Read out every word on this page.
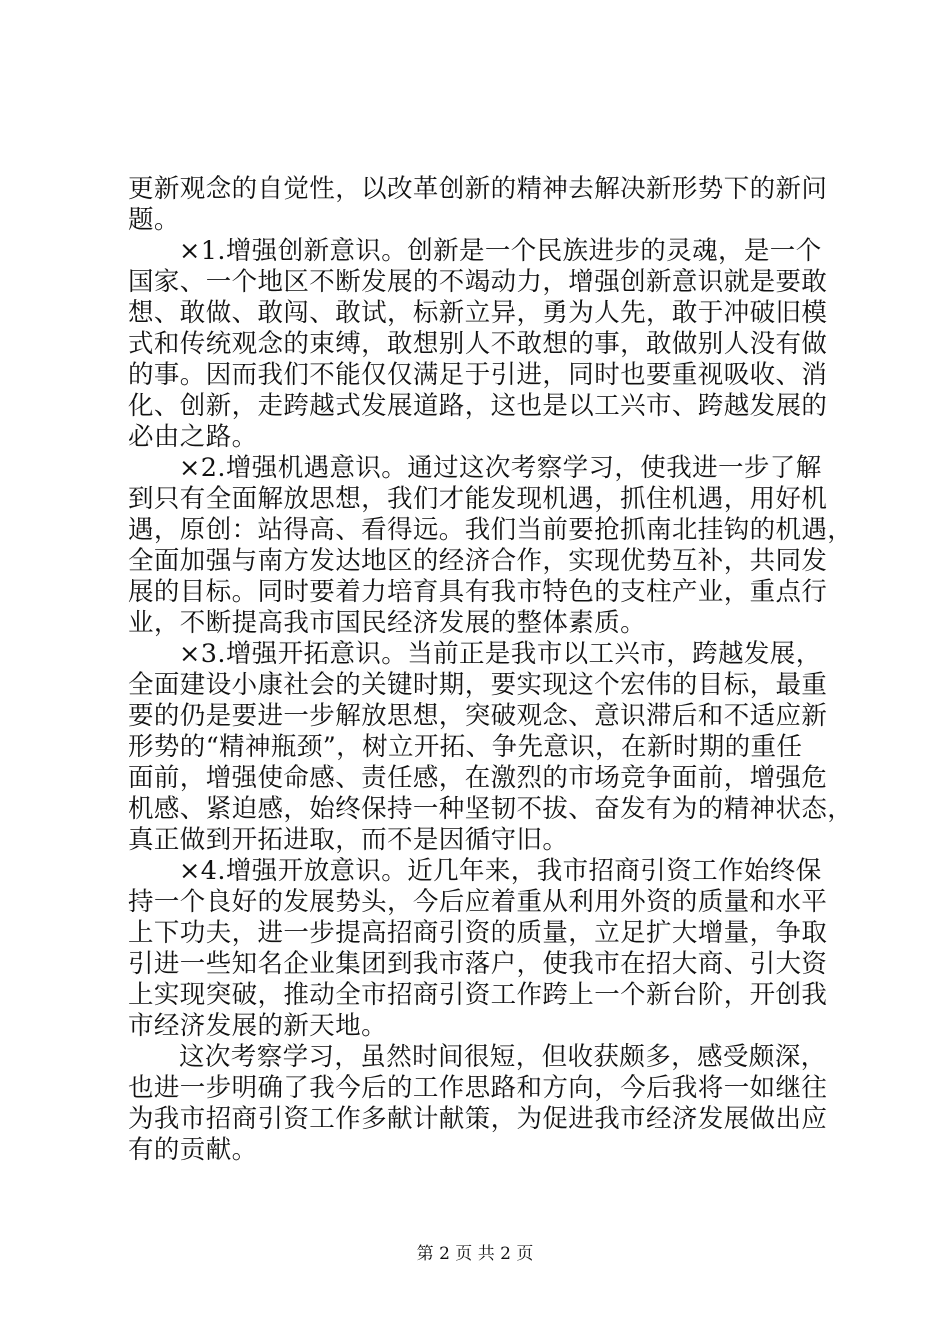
更新观念的自觉性，以改革创新的精神去解决新形势下的新问
题。
×1.增强创新意识。创新是一个民族进步的灵魂，是一个
国家、一个地区不断发展的不竭动力，增强创新意识就是要敢
想、敢做、敢闯、敢试，标新立异，勇为人先，敢于冲破旧模
式和传统观念的束缚，敢想别人不敢想的事，敢做别人没有做
的事。因而我们不能仅仅满足于引进，同时也要重视吸收、消
化、创新，走跨越式发展道路，这也是以工兴市、跨越发展的
必由之路。
×2.增强机遇意识。通过这次考察学习，使我进一步了解
到只有全面解放思想，我们才能发现机遇，抓住机遇，用好机
遇，原创：站得高、看得远。我们当前要抢抓南北挂钩的机遇，
全面加强与南方发达地区的经济合作，实现优势互补，共同发
展的目标。同时要着力培育具有我市特色的支柱产业，重点行
业，不断提高我市国民经济发展的整体素质。
×3.增强开拓意识。当前正是我市以工兴市，跨越发展，
全面建设小康社会的关键时期，要实现这个宏伟的目标，最重
要的仍是要进一步解放思想，突破观念、意识滞后和不适应新
形势的“精神瓶颈”，树立开拓、争先意识，在新时期的重任
面前，增强使命感、责任感，在激烈的市场竞争面前，增强危
机感、紧迫感，始终保持一种坚韧不拔、奋发有为的精神状态，
真正做到开拓进取，而不是因循守旧。
×4.增强开放意识。近几年来，我市招商引资工作始终保
持一个良好的发展势头，今后应着重从利用外资的质量和水平
上下功夫，进一步提高招商引资的质量，立足扩大增量，争取
引进一些知名企业集团到我市落户，使我市在招大商、引大资
上实现突破，推动全市招商引资工作跨上一个新台阶，开创我
市经济发展的新天地。
这次考察学习，虽然时间很短，但收获颇多，感受颇深，
也进一步明确了我今后的工作思路和方向，今后我将一如继往
为我市招商引资工作多献计献策，为促进我市经济发展做出应
有的贡献。
第 2 页 共 2 页
